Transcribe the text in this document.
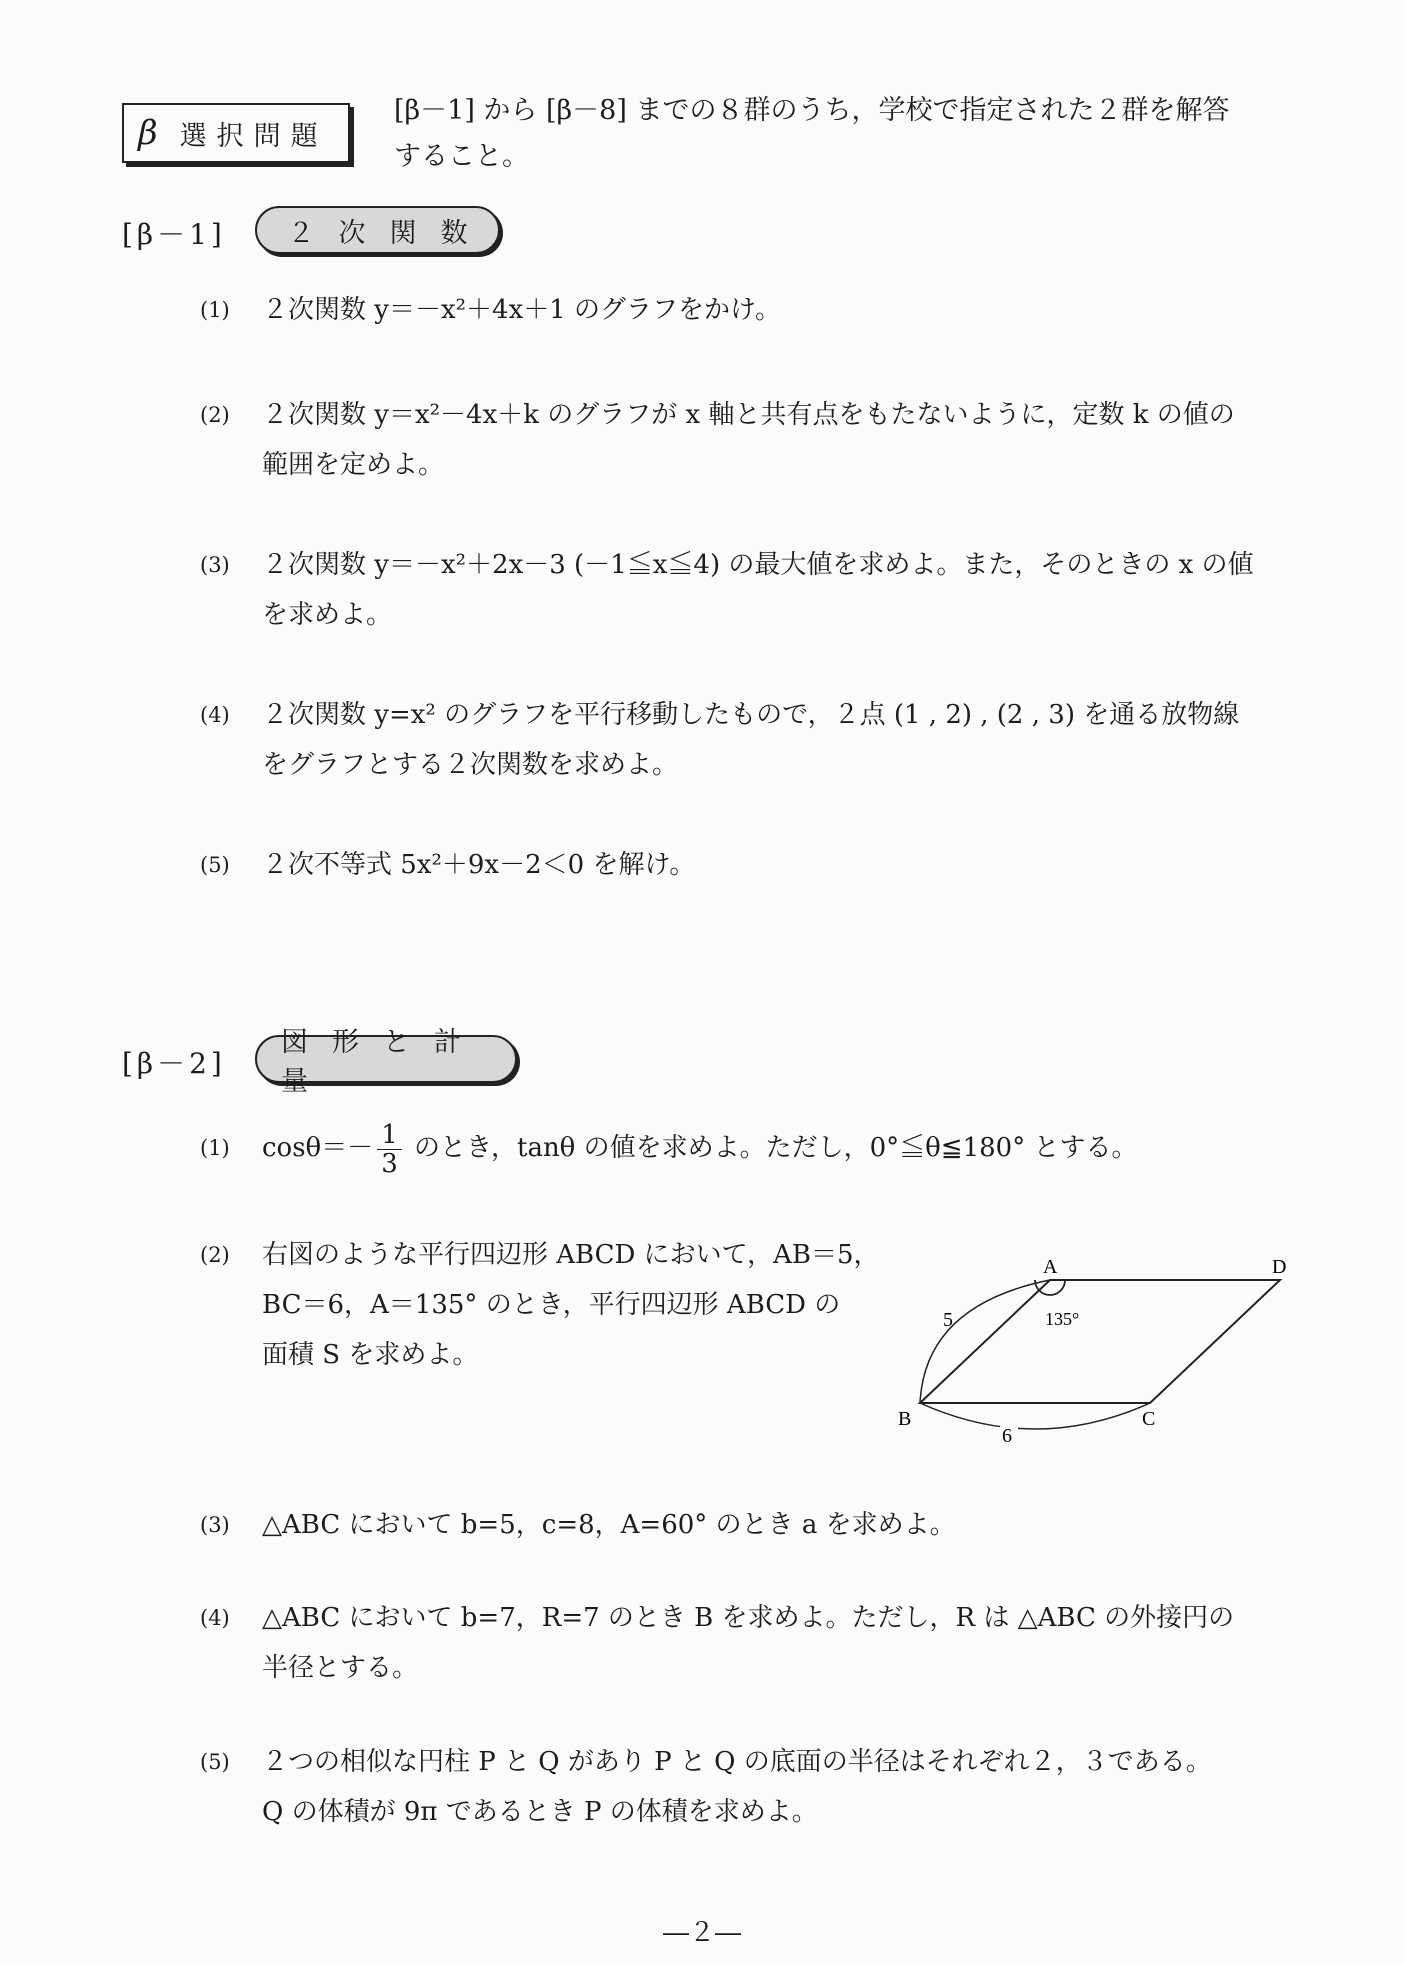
β 選択問題
[β－1] から [β－8] までの８群のうち，学校で指定された２群を解答
すること。
[β－1]	２次関数
(1) ２次関数 y＝－x²＋4x＋1 のグラフをかけ。
(2) ２次関数 y＝x²－4x＋k のグラフが x 軸と共有点をもたないように，定数 k の値の
範囲を定めよ。
(3) ２次関数 y＝－x²＋2x－3 (－1≦x≦4) の最大値を求めよ。また，そのときの x の値
を求めよ。
(4) ２次関数 y=x² のグラフを平行移動したもので，２点 (1 , 2) , (2 , 3) を通る放物線
をグラフとする２次関数を求めよ。
(5) ２次不等式 5x²＋9x－2＜0 を解け。
[β－2]
図形と計量
(1) $\cos\theta=- \frac{1}{3}$ のとき，tanθ の値を求めよ。ただし，0°≦θ≦180° とする。
(2) 右図のような平行四辺形 ABCD において，AB＝5，
BC＝6，A＝135° のとき，平行四辺形 ABCD の
面積 S を求めよ。
A	D
B	C
5
6
135°
(3) △ABC において b=5，c=8，A=60° のとき a を求めよ。
(4) △ABC において b=7，R=7 のとき B を求めよ。ただし，R は △ABC の外接円の
半径とする。
(5) ２つの相似な円柱 P と Q があり P と Q の底面の半径はそれぞれ２，３である。
Q の体積が 9π であるとき P の体積を求めよ。
―２―
